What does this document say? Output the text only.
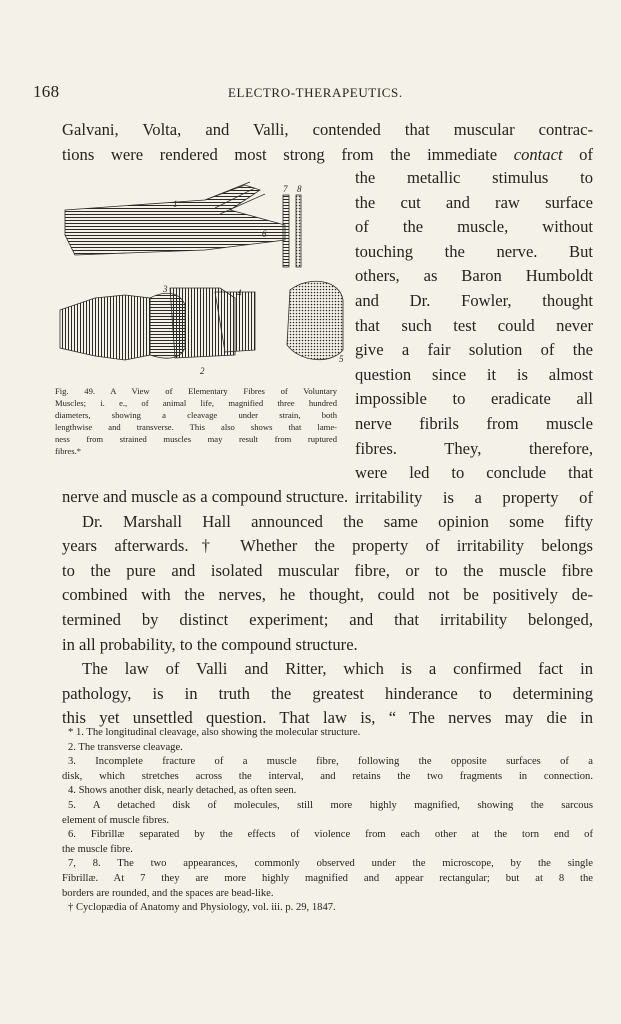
168	ELECTRO-THERAPEUTICS.
Galvani, Volta, and Valli, contended that muscular contrac-
tions were rendered most strong from the immediate contact of
the metallic stimulus to
the cut and raw surface
of the muscle, without
touching the nerve. But
others, as Baron Humboldt
and Dr. Fowler, thought
that such test could never
give a fair solution of the
question since it is almost
impossible to eradicate all
nerve fibrils from muscle
fibres. They, therefore,
were led to conclude that
irritability is a property of
1
2
3	4
5
6
7 8
Fig. 49. A View of Elementary Fibres of Voluntary
Muscles; i. e., of animal life, magnified three hundred
diameters, showing a cleavage under strain, both
lengthwise and transverse. This also shows that lame-
ness from strained muscles may result from ruptured
fibres.*
nerve and muscle as a compound structure.
Dr. Marshall Hall announced the same opinion some fifty
years afterwards.† Whether the property of irritability belongs
to the pure and isolated muscular fibre, or to the muscle fibre
combined with the nerves, he thought, could not be positively de-
termined by distinct experiment; and that irritability belonged,
in all probability, to the compound structure.
The law of Valli and Ritter, which is a confirmed fact in
pathology, is in truth the greatest hinderance to determining
this yet unsettled question. That law is, “ The nerves may die in
* 1. The longitudinal cleavage, also showing the molecular structure.
2. The transverse cleavage.
3. Incomplete fracture of a muscle fibre, following the opposite surfaces of a
disk, which stretches across the interval, and retains the two fragments in connection.
4. Shows another disk, nearly detached, as often seen.
5. A detached disk of molecules, still more highly magnified, showing the sarcous
element of muscle fibres.
6. Fibrillæ separated by the effects of violence from each other at the torn end of
the muscle fibre.
7, 8. The two appearances, commonly observed under the microscope, by the single
Fibrillæ. At 7 they are more highly magnified and appear rectangular; but at 8 the
borders are rounded, and the spaces are bead-like.
† Cyclopædia of Anatomy and Physiology, vol. iii. p. 29, 1847.
